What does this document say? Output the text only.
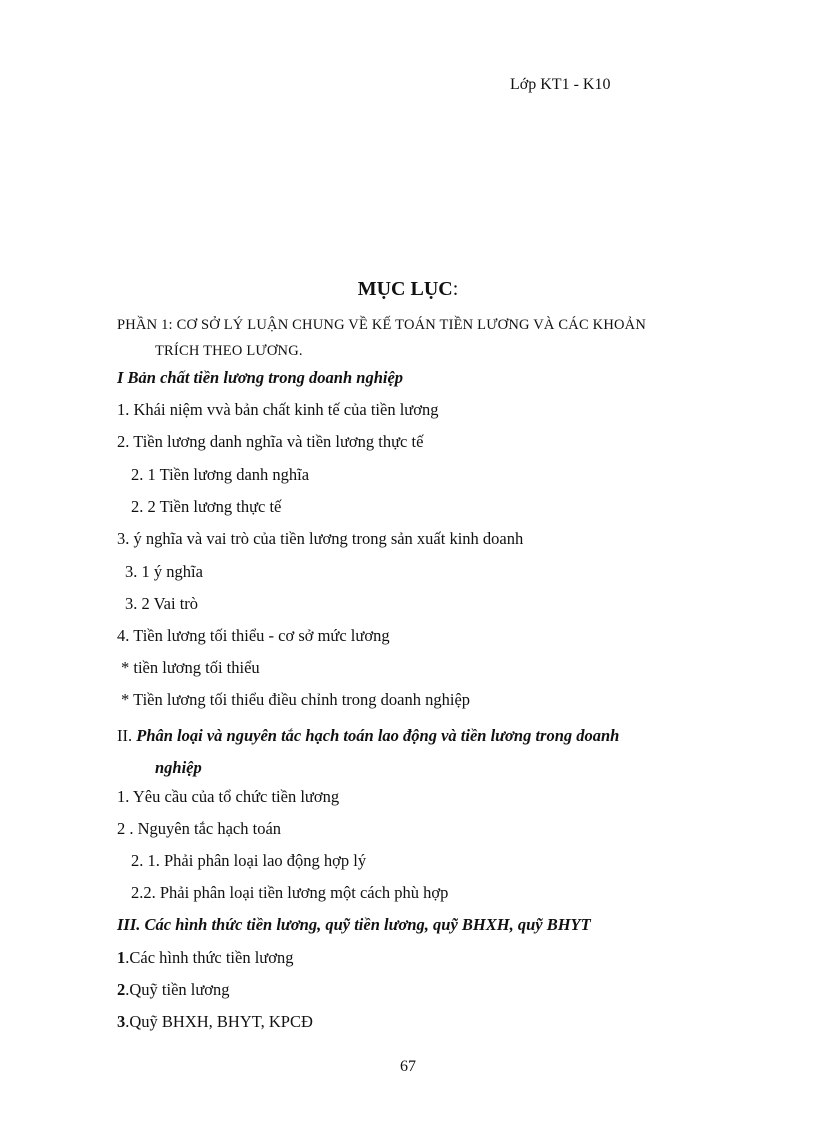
Lớp KT1 - K10
MỤC LỤC:
PHẦN 1: CƠ SỞ LÝ LUẬN CHUNG VỀ KẾ TOÁN TIỀN LƯƠNG VÀ CÁC KHOẢN
TRÍCH THEO LƯƠNG.
I Bản chất tiền lương trong doanh nghiệp
1. Khái niệm vvà bản chất kinh tế của tiền lương
2. Tiền lương danh nghĩa và tiền lương thực tế
2. 1 Tiền lương danh nghĩa
2. 2 Tiền lương thực tế
3. ý nghĩa và vai trò của tiền lương trong sản xuất kinh doanh
3. 1 ý nghĩa
3. 2 Vai trò
4. Tiền lương tối thiểu - cơ sở mức lương
* tiền lương tối thiểu
* Tiền lương tối thiểu điều chỉnh trong doanh nghiệp
II. Phân loại và nguyên tắc hạch toán lao động và tiền lương trong doanh
nghiệp
1. Yêu cầu của tổ chức tiền lương
2 . Nguyên tắc hạch toán
2. 1. Phải phân loại lao động hợp lý
2.2. Phải phân loại tiền lương một cách phù hợp
III. Các hình thức tiền lương, quỹ tiền lương, quỹ BHXH, quỹ BHYT
1.Các hình thức tiền lương
2.Quỹ tiền lương
3.Quỹ BHXH, BHYT, KPCĐ
67
